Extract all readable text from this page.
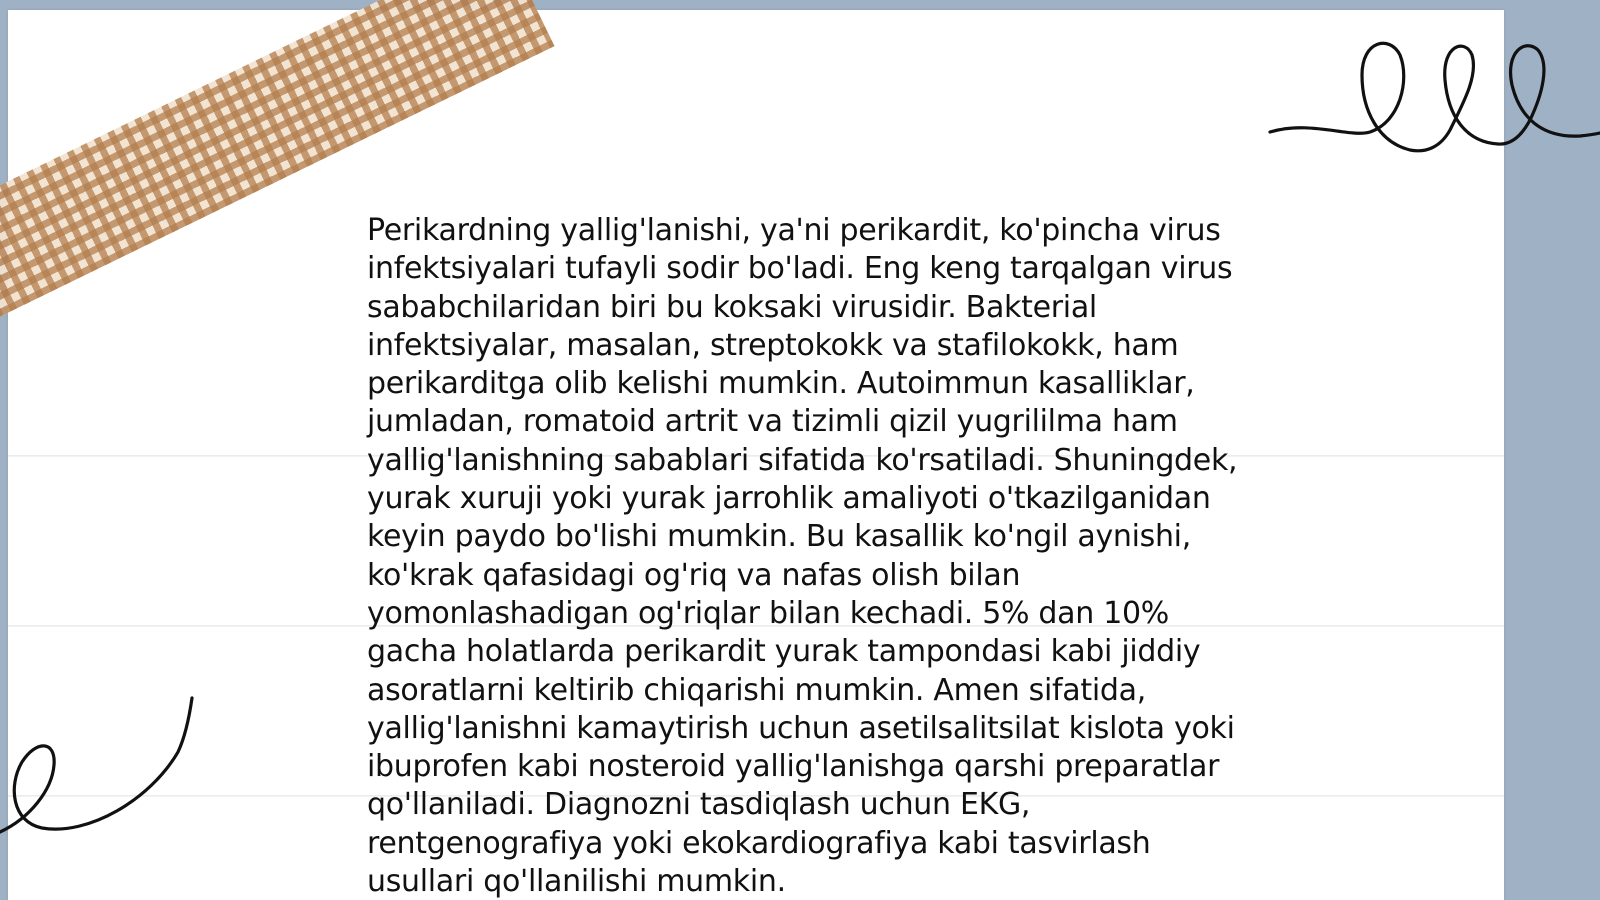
Perikardning yallig'lanishi, ya'ni perikardit, ko'pincha virus infektsiyalari tufayli sodir bo'ladi. Eng keng tarqalgan virus sababchilaridan biri bu koksaki virusidir. Bakterial infektsiyalar, masalan, streptokokk va stafilokokk, ham perikarditga olib kelishi mumkin. Autoimmun kasalliklar, jumladan, romatoid artrit va tizimli qizil yugrililma ham yallig'lanishning sabablari sifatida ko'rsatiladi. Shuningdek, yurak xuruji yoki yurak jarrohlik amaliyoti o'tkazilganidan keyin paydo bo'lishi mumkin. Bu kasallik ko'ngil aynishi, ko'krak qafasidagi og'riq va nafas olish bilan yomonlashadigan og'riqlar bilan kechadi. 5% dan 10% gacha holatlarda perikardit yurak tampondasi kabi jiddiy asoratlarni keltirib chiqarishi mumkin. Amen sifatida, yallig'lanishni kamaytirish uchun asetilsalitsilat kislota yoki ibuprofen kabi nosteroid yallig'lanishga qarshi preparatlar qo'llaniladi. Diagnozni tasdiqlash uchun EKG, rentgenografiya yoki ekokardiografiya kabi tasvirlash usullari qo'llanilishi mumkin.
